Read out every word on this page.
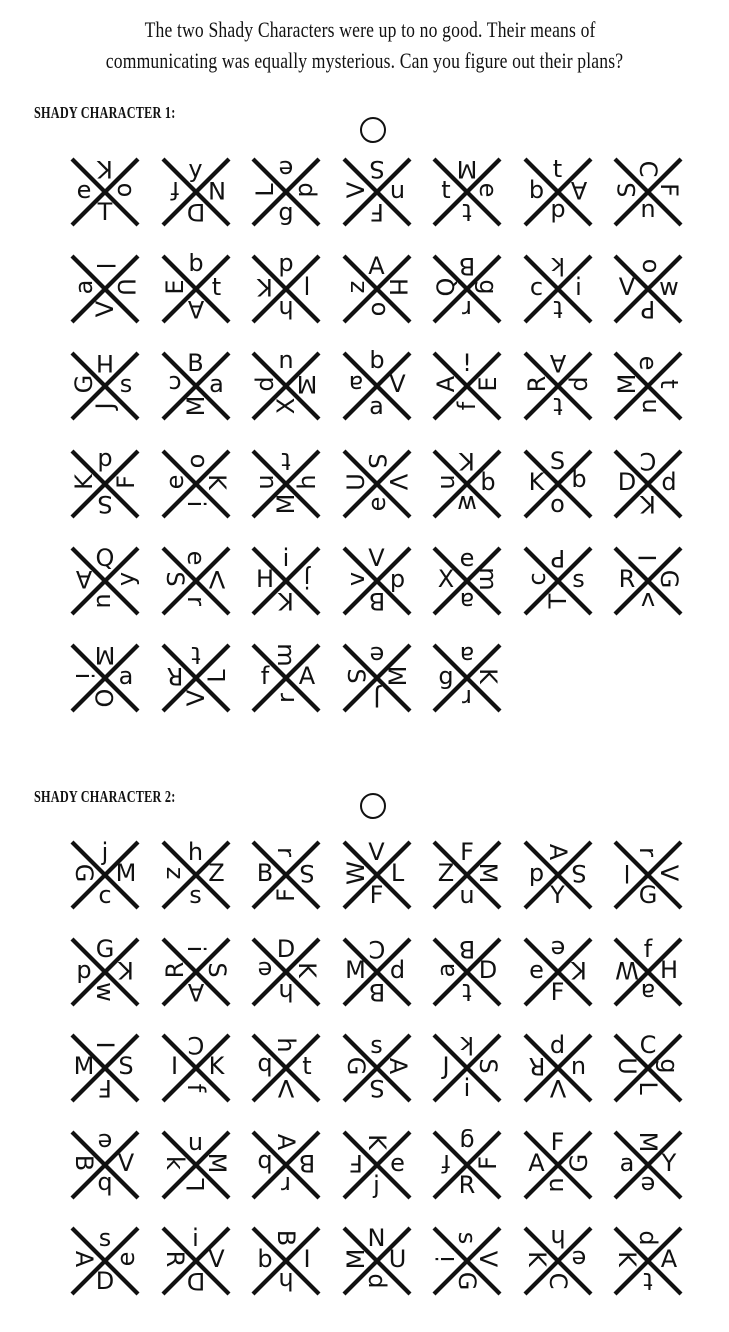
The two Shady Characters were up to no good. Their means of
communicating was equally mysterious. Can you figure out their plans?
SHADY CHARACTER 1:
K
o
T
e
y
N
D
f
e
d
g
L
S
u
F
V
M
e
t
t
t
A
d
b
C
F
u
S
l
U
V
a
q
t
A
E
d
l
h
K
A
H
o
z
B
g
r
Q
k
i
t
c
o
w
P
V
H
s
J
G
B
a
M
c
u
M
X
d
q
V
a
a
!
E
f
A
A
d
t
R
e
t
n
M
d
F
S
K
o
K
i
e
t
h
M
u
S
V
e
U
K
b
w
u
S
q
o
K
C
d
K
D
Q
y
u
A
e
V
r
S
i
j
K
H
V
p
B
v
e
m
a
X
P
s
T
c
I
G
v
R
M
a
O
i
t
L
V
R
m
A
r
f
e
M
J
S
a
K
r
g
SHADY CHARACTER 2:
j
M
c
G
h
Z
s
z
r
S
F
B
V
L
F
W
F
M
u
Z
A
S
Y
p
r
V
G
l
G
K
w
p
i
S
A
R
D
K
h
e
C
d
B
M
B
D
t
a
e
K
F
e
f
H
a
W
I
S
F
M
C
K
f
I
h
t
V
b
s
A
S
G
k
S
i
J
d
n
V
R
C
g
L
U
e
V
b
B
u
M
L
k
A
B
r
b
K
e
j
F
g
F
R
f
F
G
u
A
M
Y
e
a
s
e
D
A
i
V
D
R
B
I
h
b
N
U
d
M
s
V
G
i
h
e
C
K
d
A
t
K
